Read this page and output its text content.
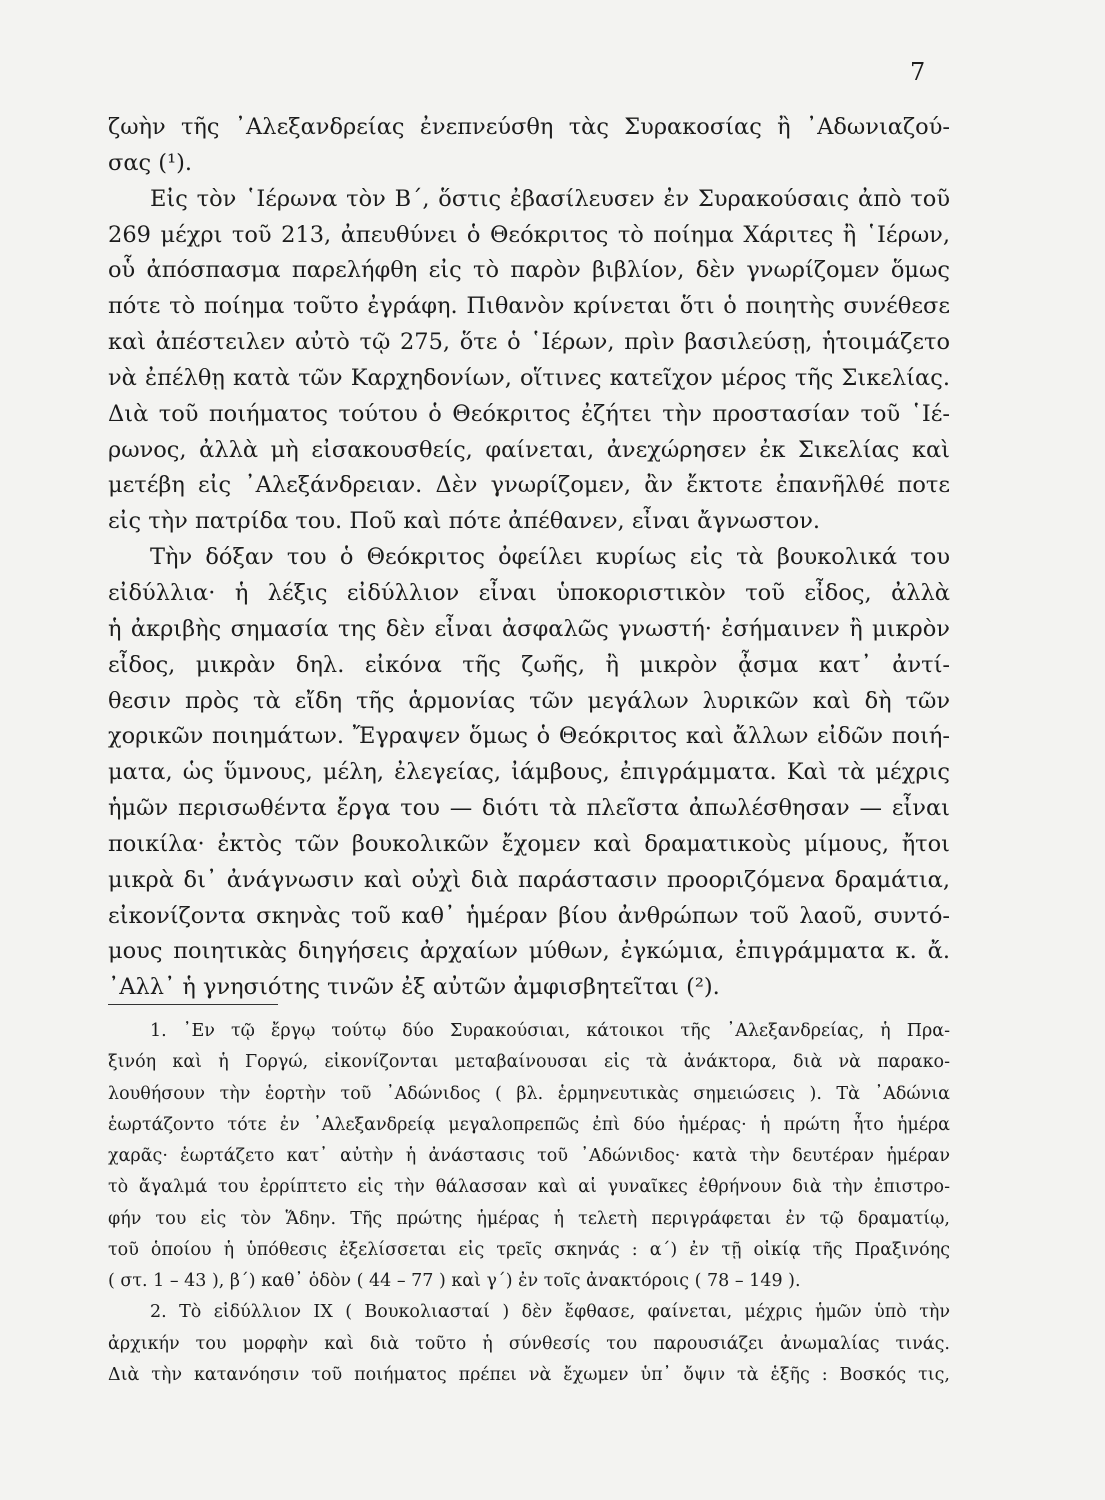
7
ζωὴν τῆς ᾿Αλεξανδρείας ἐνεπνεύσθη τὰς Συρακοσίας ἢ ᾿Αδωνιαζού-
σας (¹).
Εἰς τὸν ῾Ιέρωνα τὸν Β΄, ὅστις ἐβασίλευσεν ἐν Συρακούσαις ἀπὸ τοῦ
269 μέχρι τοῦ 213, ἀπευθύνει ὁ Θεόκριτος τὸ ποίημα Χάριτες ἢ ῾Ιέρων,
οὗ ἀπόσπασμα παρελήφθη εἰς τὸ παρὸν βιβλίον, δὲν γνωρίζομεν ὅμως
πότε τὸ ποίημα τοῦτο ἐγράφη. Πιθανὸν κρίνεται ὅτι ὁ ποιητὴς συνέθεσε
καὶ ἀπέστειλεν αὐτὸ τῷ 275, ὅτε ὁ ῾Ιέρων, πρὶν βασιλεύσῃ, ἡτοιμάζετο
νὰ ἐπέλθῃ κατὰ τῶν Καρχηδονίων, οἵτινες κατεῖχον μέρος τῆς Σικελίας.
Διὰ τοῦ ποιήματος τούτου ὁ Θεόκριτος ἐζήτει τὴν προστασίαν τοῦ ῾Ιέ-
ρωνος, ἀλλὰ μὴ εἰσακουσθείς, φαίνεται, ἀνεχώρησεν ἐκ Σικελίας καὶ
μετέβη εἰς ᾿Αλεξάνδρειαν. Δὲν γνωρίζομεν, ἂν ἔκτοτε ἐπανῆλθέ ποτε
εἰς τὴν πατρίδα του. Ποῦ καὶ πότε ἀπέθανεν, εἶναι ἄγνωστον.
Τὴν δόξαν του ὁ Θεόκριτος ὀφείλει κυρίως εἰς τὰ βουκολικά του
εἰδύλλια· ἡ λέξις εἰδύλλιον εἶναι ὑποκοριστικὸν τοῦ εἶδος, ἀλλὰ
ἡ ἀκριβὴς σημασία της δὲν εἶναι ἀσφαλῶς γνωστή· ἐσήμαινεν ἢ μικρὸν
εἶδος, μικρὰν δηλ. εἰκόνα τῆς ζωῆς, ἢ μικρὸν ᾆσμα κατ᾿ ἀντί-
θεσιν πρὸς τὰ εἴδη τῆς ἁρμονίας τῶν μεγάλων λυρικῶν καὶ δὴ τῶν
χορικῶν ποιημάτων. Ἔγραψεν ὅμως ὁ Θεόκριτος καὶ ἄλλων εἰδῶν ποιή-
ματα, ὡς ὕμνους, μέλη, ἐλεγείας, ἰάμβους, ἐπιγράμματα. Καὶ τὰ μέχρις
ἡμῶν περισωθέντα ἔργα του — διότι τὰ πλεῖστα ἀπωλέσθησαν — εἶναι
ποικίλα· ἐκτὸς τῶν βουκολικῶν ἔχομεν καὶ δραματικοὺς μίμους, ἤτοι
μικρὰ δι᾿ ἀνάγνωσιν καὶ οὐχὶ διὰ παράστασιν προοριζόμενα δραμάτια,
εἰκονίζοντα σκηνὰς τοῦ καθ᾿ ἡμέραν βίου ἀνθρώπων τοῦ λαοῦ, συντό-
μους ποιητικὰς διηγήσεις ἀρχαίων μύθων, ἐγκώμια, ἐπιγράμματα κ. ἄ.
᾿Αλλ᾿ ἡ γνησιότης τινῶν ἐξ αὐτῶν ἀμφισβητεῖται (²).
1. ᾿Εν τῷ ἔργῳ τούτῳ δύο Συρακούσιαι, κάτοικοι τῆς ᾿Αλεξανδρείας, ἡ Πρα-
ξινόη καὶ ἡ Γοργώ, εἰκονίζονται μεταβαίνουσαι εἰς τὰ ἀνάκτορα, διὰ νὰ παρακο-
λουθήσουν τὴν ἑορτὴν τοῦ ᾿Αδώνιδος ( βλ. ἑρμηνευτικὰς σημειώσεις ). Τὰ ᾿Αδώνια
ἑωρτάζοντο τότε ἐν ᾿Αλεξανδρείᾳ μεγαλοπρεπῶς ἐπὶ δύο ἡμέρας· ἡ πρώτη ἦτο ἡμέρα
χαρᾶς· ἑωρτάζετο κατ᾿ αὐτὴν ἡ ἀνάστασις τοῦ ᾿Αδώνιδος· κατὰ τὴν δευτέραν ἡμέραν
τὸ ἄγαλμά του ἐρρίπτετο εἰς τὴν θάλασσαν καὶ αἱ γυναῖκες ἐθρήνουν διὰ τὴν ἐπιστρο-
φήν του εἰς τὸν Ἅδην. Τῆς πρώτης ἡμέρας ἡ τελετὴ περιγράφεται ἐν τῷ δραματίῳ,
τοῦ ὁποίου ἡ ὑπόθεσις ἐξελίσσεται εἰς τρεῖς σκηνάς : α΄) ἐν τῇ οἰκίᾳ τῆς Πραξινόης
( στ. 1 – 43 ), β΄) καθ᾿ ὁδὸν ( 44 – 77 ) καὶ γ΄) ἐν τοῖς ἀνακτόροις ( 78 – 149 ).
2. Τὸ εἰδύλλιον IX ( Βουκολιασταί ) δὲν ἔφθασε, φαίνεται, μέχρις ἡμῶν ὑπὸ τὴν
ἀρχικήν του μορφὴν καὶ διὰ τοῦτο ἡ σύνθεσίς του παρουσιάζει ἀνωμαλίας τινάς.
Διὰ τὴν κατανόησιν τοῦ ποιήματος πρέπει νὰ ἔχωμεν ὑπ᾿ ὄψιν τὰ ἑξῆς : Βοσκός τις,
